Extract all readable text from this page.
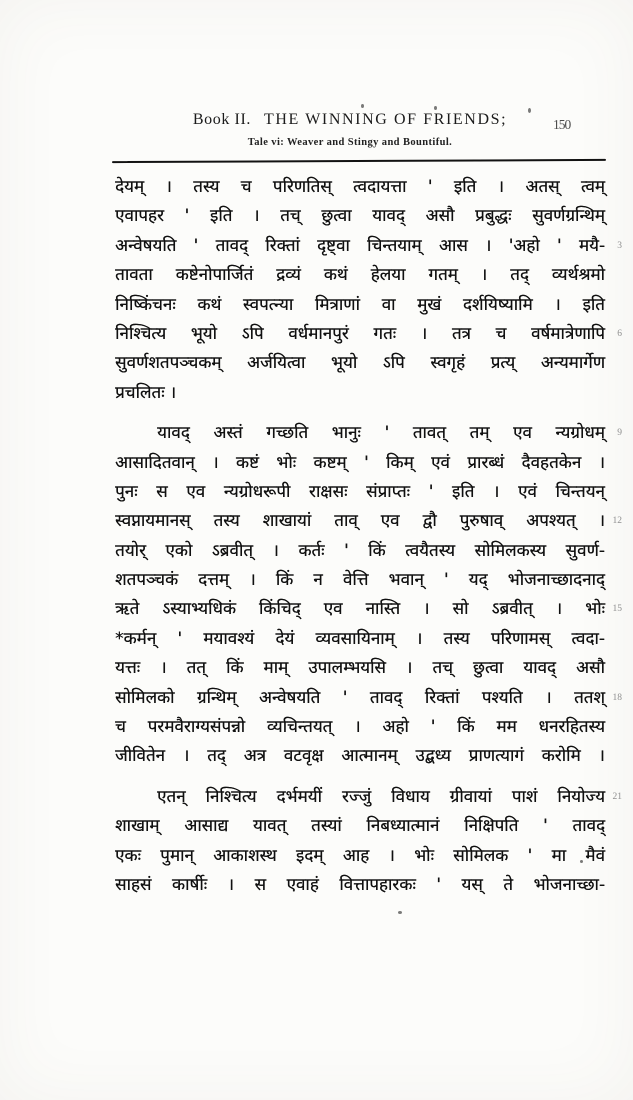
Book II. THE WINNING OF FRIENDS;
Tale vi: Weaver and Stingy and Bountiful.
150
देयम् । तस्य च परिणतिस् त्वदायत्ता ' इति । अतस् त्वम्
एवापहर ' इति । तच् छुत्वा यावद् असौ प्रबुद्धः सुवर्णग्रन्थिम्
अन्वेषयति ' तावद् रिक्तां दृष्ट्वा चिन्तयाम् आस । 'अहो ' मयै- 3
तावता कष्टेनोपार्जितं द्रव्यं कथं हेलया गतम् । तद् व्यर्थश्रमो
निष्किंचनः कथं स्वपत्न्या मित्राणां वा मुखं दर्शयिष्यामि । इति
निश्चित्य भूयो ऽपि वर्धमानपुरं गतः । तत्र च वर्षमात्रेणापि 6
सुवर्णशतपञ्चकम् अर्जयित्वा भूयो ऽपि स्वगृहं प्रत्य् अन्यमार्गेण
प्रचलितः ।
यावद् अस्तं गच्छति भानुः ' तावत् तम् एव न्यग्रोधम् 9
आसादितवान् । कष्टं भोः कष्टम् ' किम् एवं प्रारब्धं दैवहतकेन ।
पुनः स एव न्यग्रोधरूपी राक्षसः संप्राप्तः ' इति । एवं चिन्तयन्
स्वप्नायमानस् तस्य शाखायां ताव् एव द्वौ पुरुषाव् अपश्यत् । 12
तयोर् एको ऽब्रवीत् । कर्तः ' किं त्वयैतस्य सोमिलकस्य सुवर्ण-
शतपञ्चकं दत्तम् । किं न वेत्ति भवान् ' यद् भोजनाच्छादनाद्
ऋते ऽस्याभ्यधिकं किंचिद् एव नास्ति । सो ऽब्रवीत् । भोः 15
*कर्मन् ' मयावश्यं देयं व्यवसायिनाम् । तस्य परिणामस् त्वदा-
यत्तः । तत् किं माम् उपालम्भयसि । तच् छुत्वा यावद् असौ
सोमिलको ग्रन्थिम् अन्वेषयति ' तावद् रिक्तां पश्यति । ततश् 18
च परमवैराग्यसंपन्नो व्यचिन्तयत् । अहो ' किं मम धनरहितस्य
जीवितेन । तद् अत्र वटवृक्ष आत्मानम् उद्बध्य प्राणत्यागं करोमि ।
एतन् निश्चित्य दर्भमयीं रज्जुं विधाय ग्रीवायां पाशं नियोज्य 21
शाखाम् आसाद्य यावत् तस्यां निबध्यात्मानं निक्षिपति ' तावद्
एकः पुमान् आकाशस्थ इदम् आह । भोः सोमिलक ' मा मैवं
साहसं कार्षीः । स एवाहं वित्तापहारकः ' यस् ते भोजनाच्छा-
